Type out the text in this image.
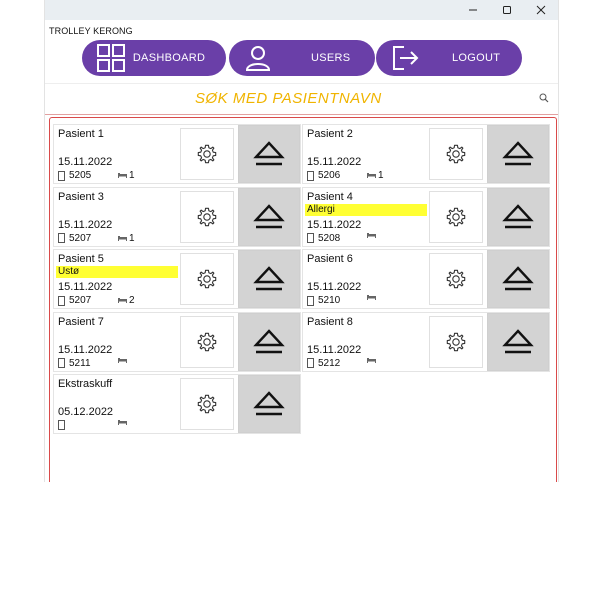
TROLLEY KERONG
DASHBOARD	USERS	LOGOUT
SØK MED PASIENTNAVN
Pasient 1
15.11.2022
5205	1
Pasient 2
15.11.2022
5206	1
Pasient 3
15.11.2022
5207	1
Pasient 4
Allergi
15.11.2022
5208
Pasient 5
Ustø
15.11.2022
5207	2
Pasient 6
15.11.2022
5210
Pasient 7
15.11.2022
5211
Pasient 8
15.11.2022
5212
Ekstraskuff
05.12.2022
